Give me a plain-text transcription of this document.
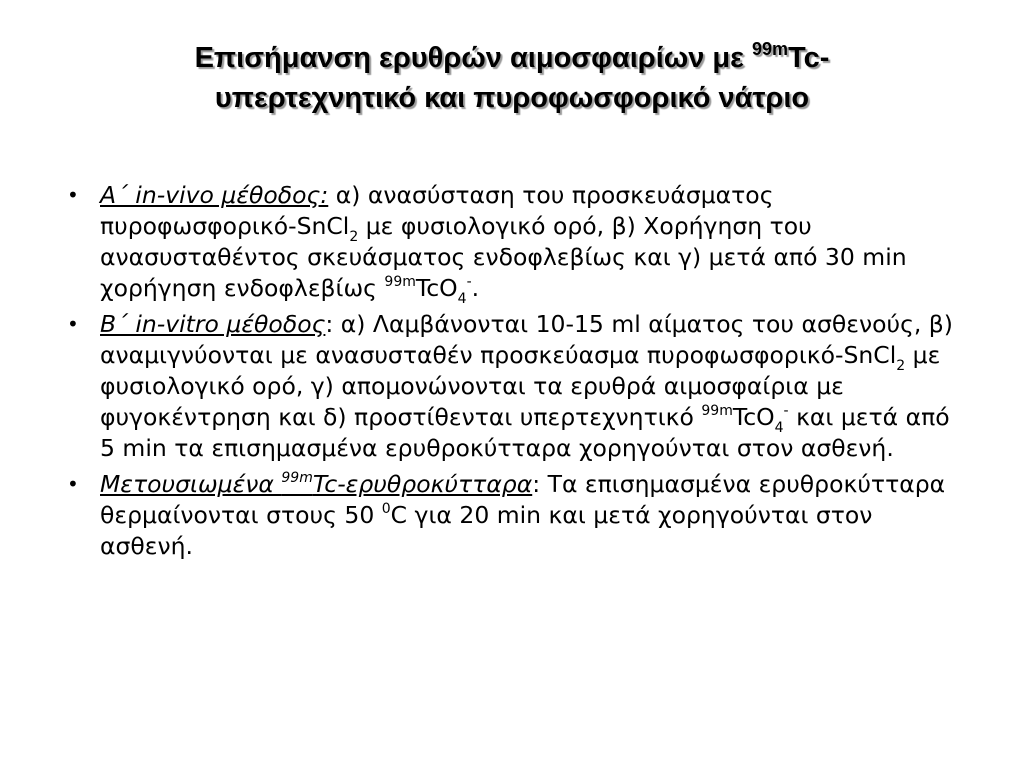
Επισήμανση ερυθρών αιμοσφαιρίων με $^{99m}$Tc-
υπερτεχνητικό και πυροφωσφορικό νάτριο
• Α΄ in-vivo μέθοδος: α) ανασύσταση του προσκευάσματος πυροφωσφορικό-SnCl$_2$ με φυσιολογικό ορό, β) Χορήγηση του ανασυσταθέντος σκευάσματος ενδοφλεβίως και γ) μετά από 30 min χορήγηση ενδοφλεβίως $^{99m}$TcO$_4$-.
• Β΄ in-vitro μέθοδος: α) Λαμβάνονται 10-15 ml αίματος του ασθενούς, β) αναμιγνύονται με ανασυσταθέν προσκεύασμα πυροφωσφορικό-SnCl$_2$ με φυσιολογικό ορό, γ) απομονώνονται τα ερυθρά αιμοσφαίρια με φυγοκέντρηση και δ) προστίθενται υπερτεχνητικό $^{99m}$TcO$_4$- και μετά από 5 min τα επισημασμένα ερυθροκύτταρα χορηγούνται στον ασθενή.
• Μετουσιωμένα $^{99m}$Tc-ερυθροκύτταρα: Τα επισημασμένα ερυθροκύτταρα θερμαίνονται στους 50 $^0$C για 20 min και μετά χορηγούνται στον ασθενή.
